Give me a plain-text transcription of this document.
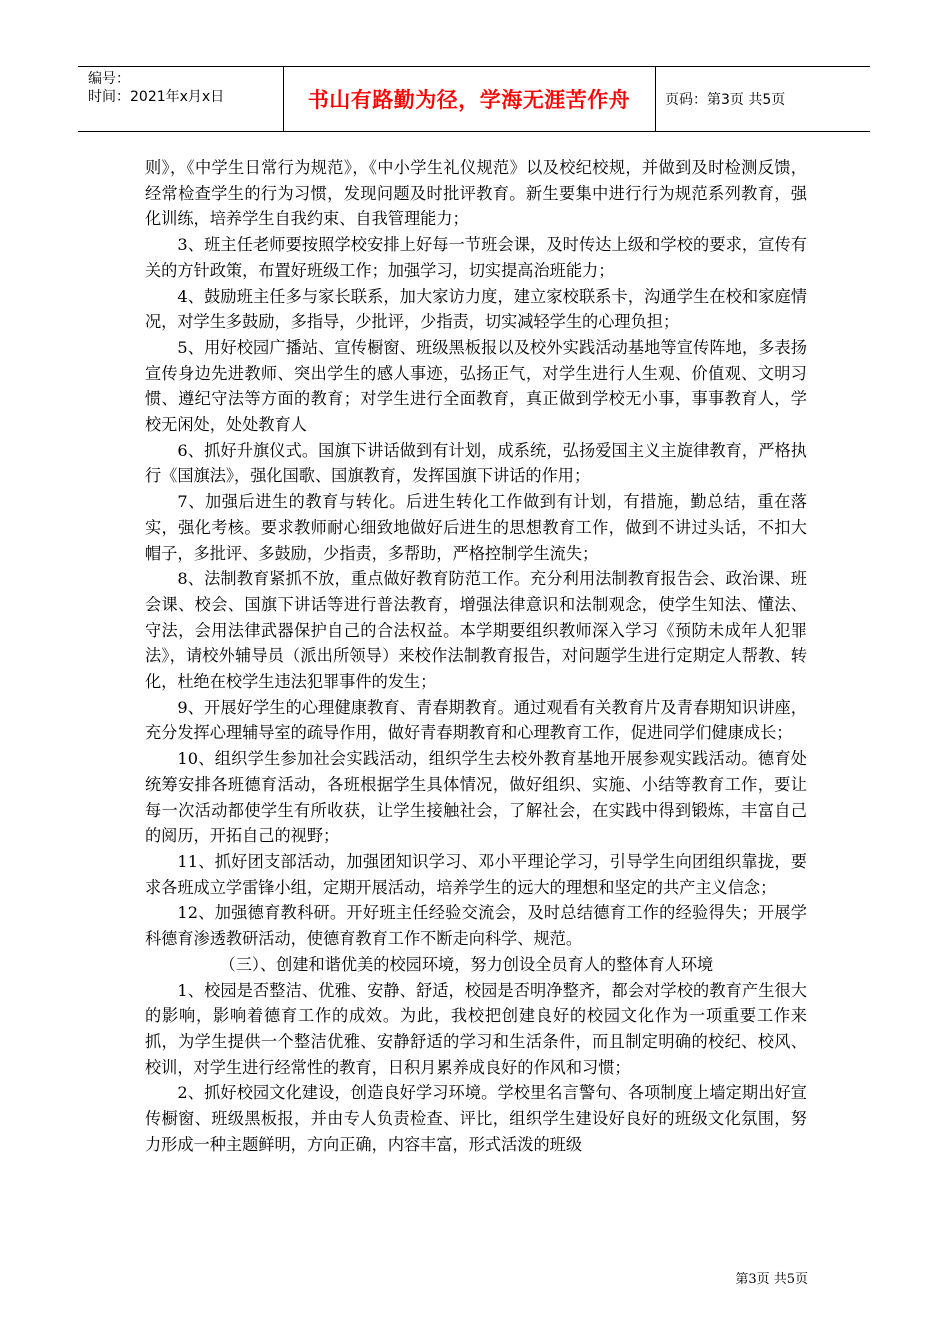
编号：
时间：2021年x月x日	书山有路勤为径，学海无涯苦作舟	页码：第3页 共5页

则》，《中学生日常行为规范》，《中小学生礼仪规范》以及校纪校规，并做到及时检测反馈，经常检查学生的行为习惯，发现问题及时批评教育。新生要集中进行行为规范系列教育，强化训练，培养学生自我约束、自我管理能力；

3、班主任老师要按照学校安排上好每一节班会课，及时传达上级和学校的要求，宣传有关的方针政策，布置好班级工作；加强学习，切实提高治班能力；

4、鼓励班主任多与家长联系，加大家访力度，建立家校联系卡，沟通学生在校和家庭情况，对学生多鼓励，多指导，少批评，少指责，切实减轻学生的心理负担；

5、用好校园广播站、宣传橱窗、班级黑板报以及校外实践活动基地等宣传阵地，多表扬宣传身边先进教师、突出学生的感人事迹，弘扬正气，对学生进行人生观、价值观、文明习惯、遵纪守法等方面的教育；对学生进行全面教育，真正做到学校无小事，事事教育人，学校无闲处，处处教育人

6、抓好升旗仪式。国旗下讲话做到有计划，成系统，弘扬爱国主义主旋律教育，严格执行《国旗法》，强化国歌、国旗教育，发挥国旗下讲话的作用；

7、加强后进生的教育与转化。后进生转化工作做到有计划，有措施，勤总结，重在落实，强化考核。要求教师耐心细致地做好后进生的思想教育工作，做到不讲过头话，不扣大帽子，多批评、多鼓励，少指责，多帮助，严格控制学生流失；

8、法制教育紧抓不放，重点做好教育防范工作。充分利用法制教育报告会、政治课、班会课、校会、国旗下讲话等进行普法教育，增强法律意识和法制观念，使学生知法、懂法、守法，会用法律武器保护自己的合法权益。本学期要组织教师深入学习《预防未成年人犯罪法》，请校外辅导员（派出所领导）来校作法制教育报告，对问题学生进行定期定人帮教、转化，杜绝在校学生违法犯罪事件的发生；

9、开展好学生的心理健康教育、青春期教育。通过观看有关教育片及青春期知识讲座，充分发挥心理辅导室的疏导作用，做好青春期教育和心理教育工作，促进同学们健康成长；

10、组织学生参加社会实践活动，组织学生去校外教育基地开展参观实践活动。德育处统筹安排各班德育活动，各班根据学生具体情况，做好组织、实施、小结等教育工作，要让每一次活动都使学生有所收获，让学生接触社会，了解社会，在实践中得到锻炼，丰富自己的阅历，开拓自己的视野；

11、抓好团支部活动，加强团知识学习、邓小平理论学习，引导学生向团组织靠拢，要求各班成立学雷锋小组，定期开展活动，培养学生的远大的理想和坚定的共产主义信念；

12、加强德育教科研。开好班主任经验交流会，及时总结德育工作的经验得失；开展学科德育渗透教研活动，使德育教育工作不断走向科学、规范。

（三）、创建和谐优美的校园环境，努力创设全员育人的整体育人环境

1、校园是否整洁、优雅、安静、舒适，校园是否明净整齐，都会对学校的教育产生很大的影响，影响着德育工作的成效。为此，我校把创建良好的校园文化作为一项重要工作来抓，为学生提供一个整洁优雅、安静舒适的学习和生活条件，而且制定明确的校纪、校风、校训，对学生进行经常性的教育，日积月累养成良好的作风和习惯；

2、抓好校园文化建设，创造良好学习环境。学校里名言警句、各项制度上墙定期出好宣传橱窗、班级黑板报，并由专人负责检查、评比，组织学生建设好良好的班级文化氛围，努力形成一种主题鲜明，方向正确，内容丰富，形式活泼的班级

第3页 共5页
